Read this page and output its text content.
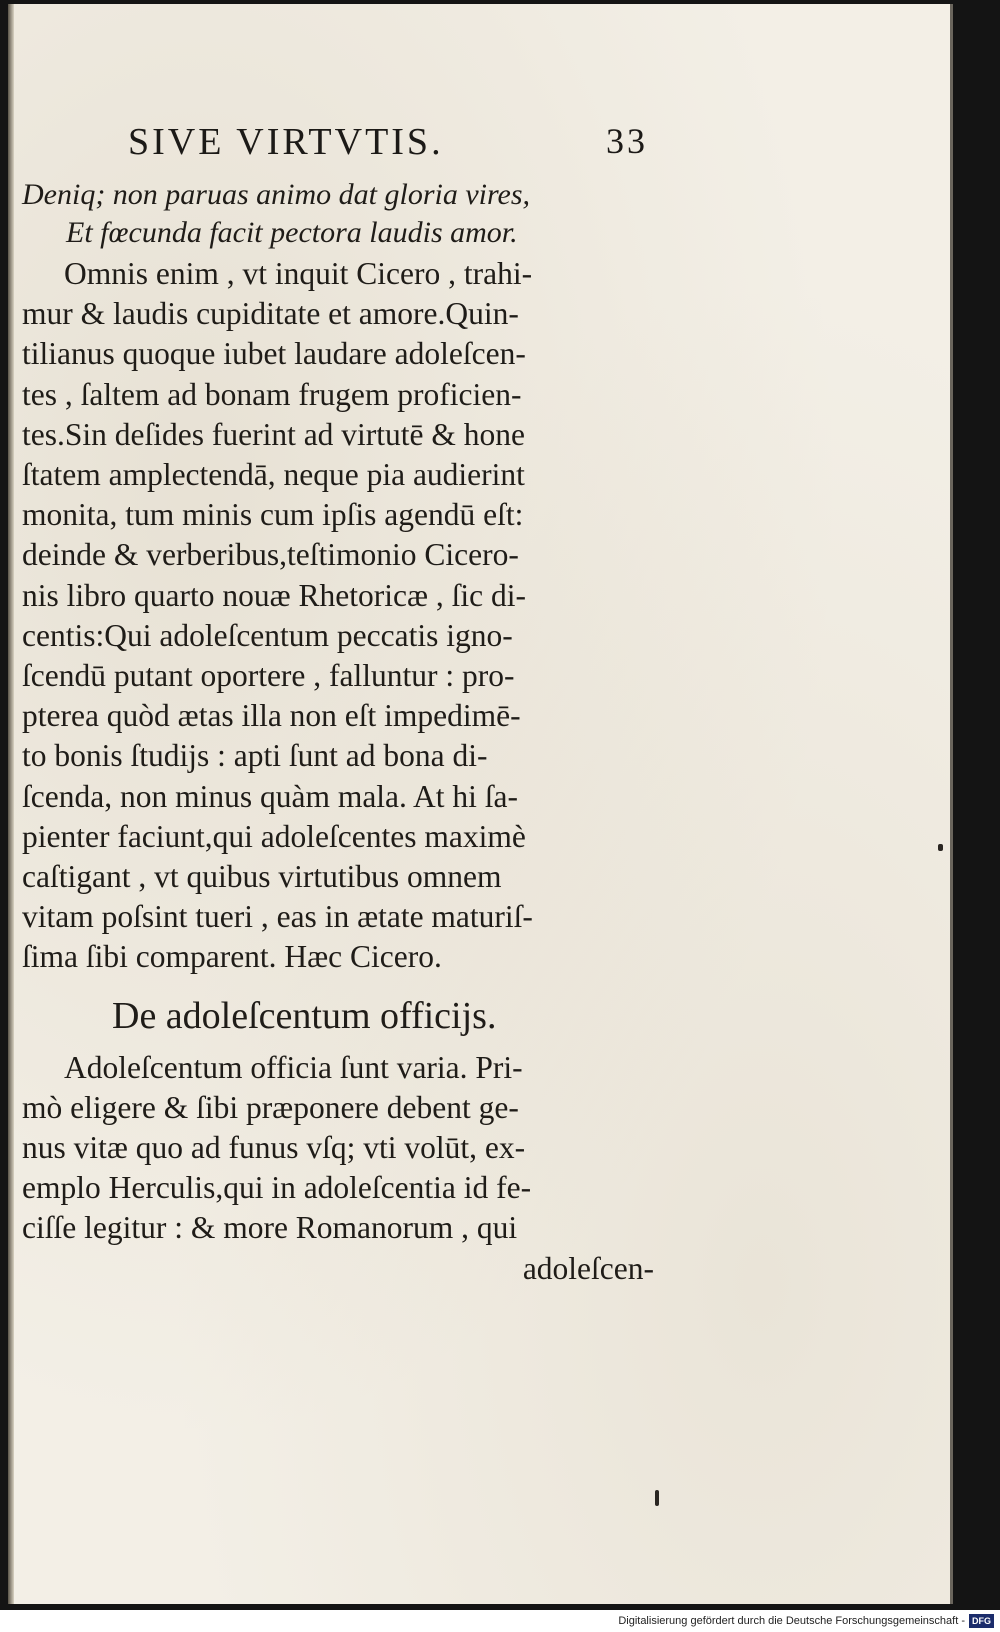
SIVE VIRTVTIS.	33
Deniq; non paruas animo dat gloria vires,
Et fœcunda facit pectora laudis amor.
Omnis enim , vt inquit Cicero , trahi-
mur & laudis cupiditate et amore.Quin-
tilianus quoque iubet laudare adoleſcen-
tes , ſaltem ad bonam frugem proficien-
tes.Sin deſides fuerint ad virtutē & hone
ſtatem amplectendā, neque pia audierint
monita, tum minis cum ipſis agendū eſt:
deinde & verberibus,teſtimonio Cicero-
nis libro quarto nouæ Rhetoricæ , ſic di-
centis:Qui adoleſcentum peccatis igno-
ſcendū putant oportere , falluntur : pro-
pterea quòd ætas illa non eſt impedimē-
to bonis ſtudijs : apti ſunt ad bona di-
ſcenda, non minus quàm mala. At hi ſa-
pienter faciunt,qui adoleſcentes maximè
caſtigant , vt quibus virtutibus omnem
vitam poſsint tueri , eas in ætate maturiſ-
ſima ſibi comparent. Hæc Cicero.
De adoleſcentum officijs.
Adoleſcentum officia ſunt varia. Pri-
mò eligere & ſibi præponere debent ge-
nus vitæ quo ad funus vſq; vti volūt, ex-
emplo Herculis,qui in adoleſcentia id fe-
ciſſe legitur : & more Romanorum , qui
adoleſcen-
Digitalisierung gefördert durch die Deutsche Forschungsgemeinschaft - DFG
